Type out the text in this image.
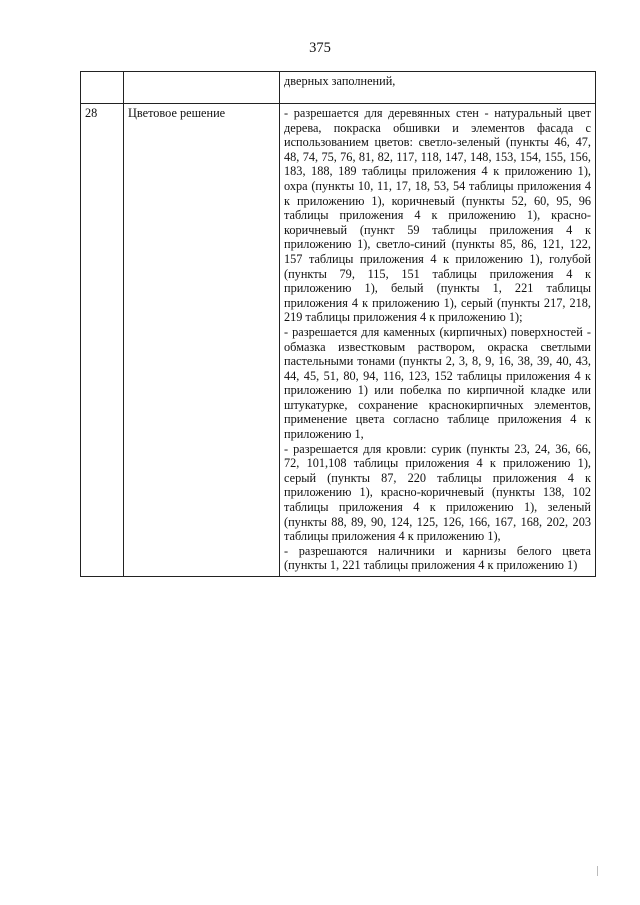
375
		дверных заполнений,
28	Цветовое решение	- разрешается для деревянных стен - натуральный цвет дерева, покраска обшивки и элементов фасада с использованием цветов: светло-зеленый (пункты 46, 47, 48, 74, 75, 76, 81, 82, 117, 118, 147, 148, 153, 154, 155, 156, 183, 188, 189 таблицы приложения 4 к приложению 1), охра (пункты 10, 11, 17, 18, 53, 54 таблицы приложения 4 к приложению 1), коричневый (пункты 52, 60, 95, 96 таблицы приложения 4 к приложению 1), красно-коричневый (пункт 59 таблицы приложения 4 к приложению 1), светло-синий (пункты 85, 86, 121, 122, 157 таблицы приложения 4 к приложению 1), голубой (пункты 79, 115, 151 таблицы приложения 4 к приложению 1), белый (пункты 1, 221 таблицы приложения 4 к приложению 1), серый (пункты 217, 218, 219 таблицы приложения 4 к приложению 1);

- разрешается для каменных (кирпичных) поверхностей - обмазка известковым раствором, окраска светлыми пастельными тонами (пункты 2, 3, 8, 9, 16, 38, 39, 40, 43, 44, 45, 51, 80, 94, 116, 123, 152 таблицы приложения 4 к приложению 1) или побелка по кирпичной кладке или штукатурке, сохранение краснокирпичных элементов, применение цвета согласно таблице приложения 4 к приложению 1,

- разрешается для кровли: сурик (пункты 23, 24, 36, 66, 72, 101,108 таблицы приложения 4 к приложению 1), серый (пункты 87, 220 таблицы приложения 4 к приложению 1), красно-коричневый (пункты 138, 102 таблицы приложения 4 к приложению 1), зеленый (пункты 88, 89, 90, 124, 125, 126, 166, 167, 168, 202, 203 таблицы приложения 4 к приложению 1),

- разрешаются наличники и карнизы белого цвета (пункты 1, 221 таблицы приложения 4 к приложению 1)
